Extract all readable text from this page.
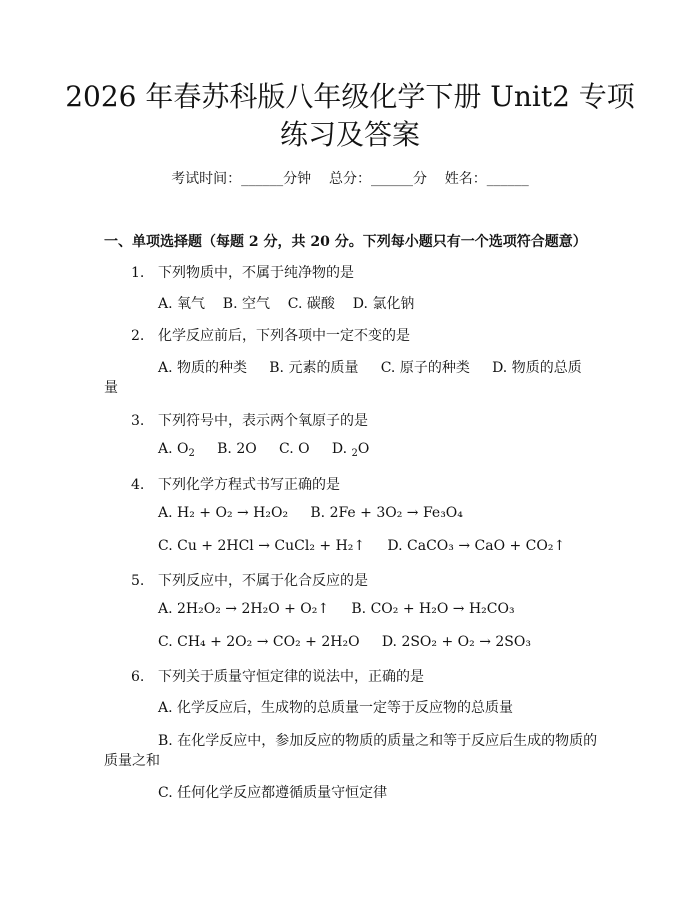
2026 年春苏科版八年级化学下册 Unit2 专项
练习及答案
考试时间：______分钟    总分：______分    姓名：______
一、单项选择题（每题 2 分，共 20 分。下列每小题只有一个选项符合题意）
1. 下列物质中，不属于纯净物的是
A. 氧气    B. 空气    C. 碳酸    D. 氯化钠
2. 化学反应前后，下列各项中一定不变的是
A. 物质的种类     B. 元素的质量     C. 原子的种类     D. 物质的总质
量
3. 下列符号中，表示两个氧原子的是
A. $O_2$ B. 2O C. O D. $_2$O
4. 下列化学方程式书写正确的是
A. H₂ + O₂ → H₂O₂ B. 2Fe + 3O₂ → Fe₃O₄
C. Cu + 2HCl → CuCl₂ + H₂↑ D. CaCO₃ → CaO + CO₂↑
5. 下列反应中，不属于化合反应的是
A. 2H₂O₂ → 2H₂O + O₂↑ B. CO₂ + H₂O → H₂CO₃
C. CH₄ + 2O₂ → CO₂ + 2H₂O D. 2SO₂ + O₂ → 2SO₃
6. 下列关于质量守恒定律的说法中，正确的是
A. 化学反应后，生成物的总质量一定等于反应物的总质量
B. 在化学反应中，参加反应的物质的质量之和等于反应后生成的物质的
质量之和
C. 任何化学反应都遵循质量守恒定律
